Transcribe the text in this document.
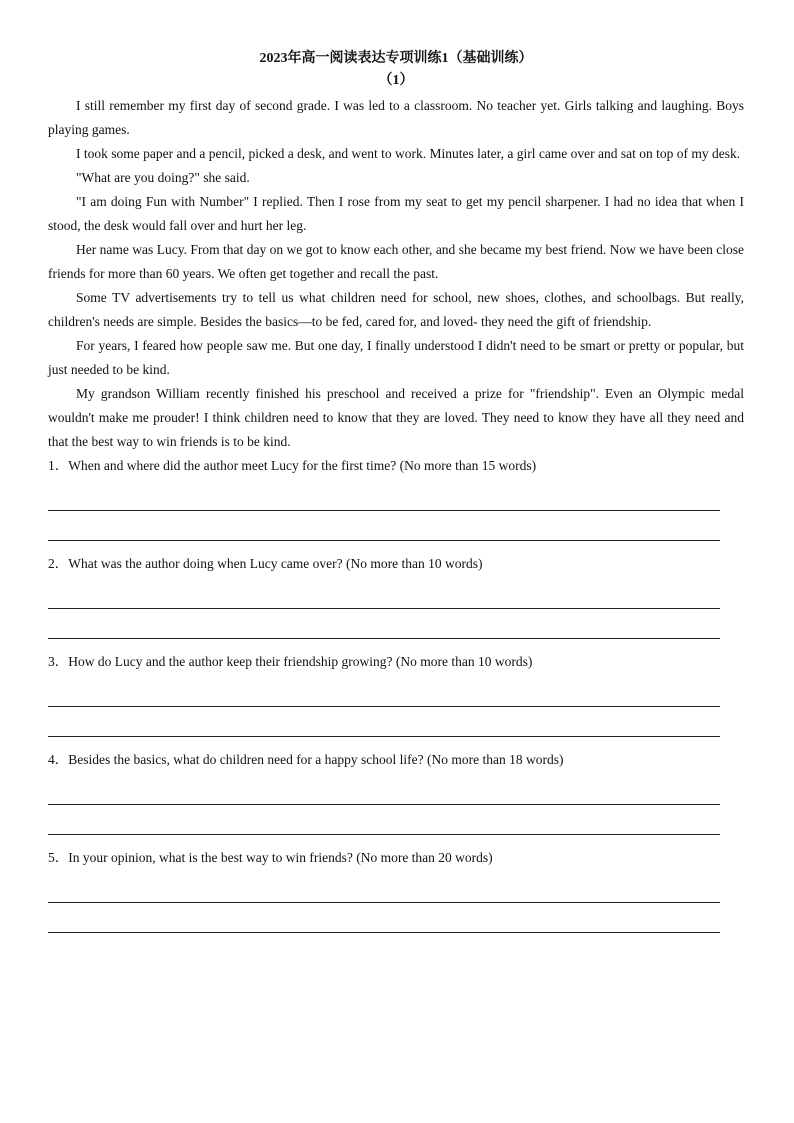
2023年高一阅读表达专项训练1（基础训练）

（1）

I still remember my first day of second grade. I was led to a classroom. No teacher yet. Girls talking and laughing. Boys playing games.

I took some paper and a pencil, picked a desk, and went to work. Minutes later, a girl came over and sat on top of my desk.

"What are you doing?" she said.

"I am doing Fun with Number" I replied. Then I rose from my seat to get my pencil sharpener. I had no idea that when I stood, the desk would fall over and hurt her leg.

Her name was Lucy. From that day on we got to know each other, and she became my best friend. Now we have been close friends for more than 60 years. We often get together and recall the past.

Some TV advertisements try to tell us what children need for school, new shoes, clothes, and schoolbags. But really, children's needs are simple. Besides the basics—to be fed, cared for, and loved- they need the gift of friendship.

For years, I feared how people saw me. But one day, I finally understood I didn't need to be smart or pretty or popular, but just needed to be kind.

My grandson William recently finished his preschool and received a prize for "friendship". Even an Olympic medal wouldn't make me prouder! I think children need to know that they are loved. They need to know they have all they need and that the best way to win friends is to be kind.

1．When and where did the author meet Lucy for the first time? (No more than 15 words)

2．What was the author doing when Lucy came over? (No more than 10 words)

3．How do Lucy and the author keep their friendship growing? (No more than 10 words)

4．Besides the basics, what do children need for a happy school life? (No more than 18 words)

5．In your opinion, what is the best way to win friends? (No more than 20 words)
